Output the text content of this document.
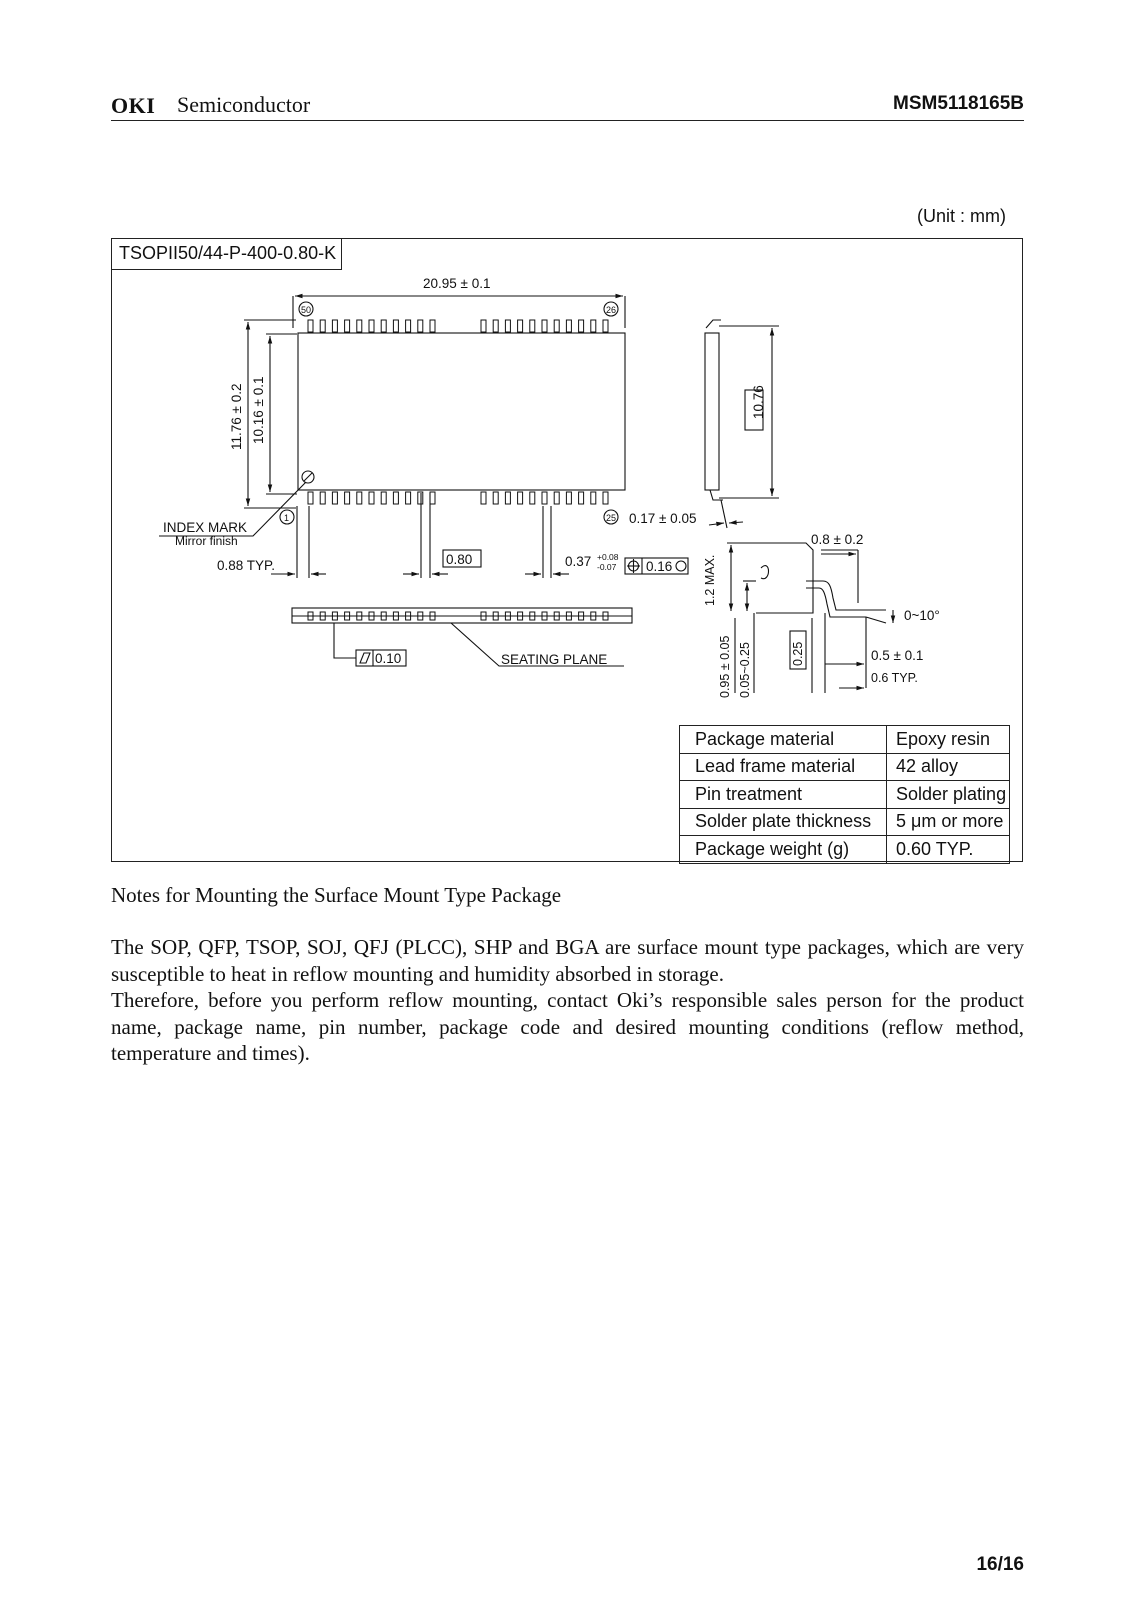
OKI Semiconductor	MSM5118165B
(Unit : mm)
TSOPII50/44-P-400-0.80-K
20.95 ± 0.1
50	26
1	25
11.76 ± 0.2 10.16 ± 0.1
INDEX MARK
Mirror finish
0.88 TYP.	0.80	0.37 +0.08
-0.07 0.16
0.17 ± 0.05
0.10	SEATING PLANE
10.76
1.2 MAX.
0.95 ± 0.05 0.05~0.25	0.25
0.8 ± 0.2
0~10°
0.5 ± 0.1
0.6 TYP.
Package material	Epoxy resin
Lead frame material	42 alloy
Pin treatment	Solder plating
Solder plate thickness	5 μm or more
Package weight (g)	0.60 TYP.
Notes for Mounting the Surface Mount Type Package

The SOP, QFP, TSOP, SOJ, QFJ (PLCC), SHP and BGA are surface mount type packages, which are very susceptible to heat in reflow mounting and humidity absorbed in storage.

Therefore, before you perform reflow mounting, contact Oki’s responsible sales person for the product name, package name, pin number, package code and desired mounting conditions (reflow method, temperature and times).

16/16
